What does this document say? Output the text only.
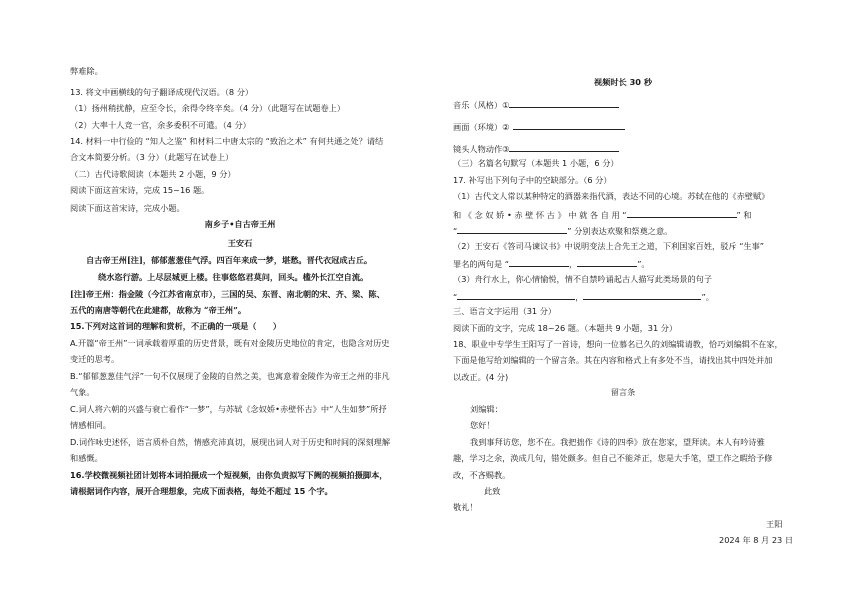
弊难除。
13. 将文中画横线的句子翻译成现代汉语。（8 分）
（1）扬州稍扰静，应至令长，余得令终辛矣。（4 分）（此题写在试题卷上）
（2）大率十人竞一官，余多委积不可遣。（4 分）
14. 材料一中行俭的 “知人之鉴” 和材料二中唐太宗的 “致治之术” 有何共通之处？请结
合文本简要分析。（3 分）（此题写在试卷上）
（二）古代诗歌阅读（本题共 2 小题，9 分）
阅读下面这首宋诗，完成 15~16 题。
阅读下面这首宋诗，完成小题。
南乡子•自古帝王州
王安石
自古帝王州[注]，郁郁葱葱佳气浮。四百年来成一梦，堪愁。晋代衣冠成古丘。
绕水恣行游。上尽层城更上楼。往事悠悠君莫问，回头。槛外长江空自流。
[注]帝王州：指金陵（今江苏省南京市），三国的吴、东晋、南北朝的宋、齐、梁、陈、
五代的南唐等朝代在此建都，故称为 “帝王州”。
15.下列对这首词的理解和赏析，不正确的一项是（　　）
A.开篇“帝王州”一词承载着厚重的历史背景，既有对金陵历史地位的肯定，也隐含对历史
变迁的思考。
B.“郁郁葱葱佳气浮”一句不仅展现了金陵的自然之美，也寓意着金陵作为帝王之州的非凡
气象。
C.词人将六朝的兴盛与衰亡看作“一梦”，与苏轼《念奴娇•赤壁怀古》中“人生如梦”所抒
情感相同。
D.词作咏史述怀，语言质朴自然，情感充沛真切，展现出词人对于历史和时间的深刻理解
和感慨。
16.学校微视频社团计划将本词拍摄成一个短视频，由你负责拟写下阙的视频拍摄脚本，
请根据词作内容，展开合理想象，完成下面表格，每处不超过 15 个字。
视频时长 30 秒
音乐（风格）①
画面（环境）②
镜头人物动作③
（三）名篇名句默写（本题共 1 小题，6 分）
17. 补写出下列句子中的空缺部分。（6 分）
（1）古代文人常以某种特定的酒器来指代酒，表达不同的心境。苏轼在他的《赤壁赋》
和 《 念 奴 娇 • 赤 壁 怀 古 》 中 就 各 自 用 “	” 和
“	” 分别表达欢聚和祭奠之意。
（2）王安石《答司马谏议书》中说明变法上合先王之道，下利国家百姓，驳斥 “生事”
罪名的两句是 “	，	”。
（3）舟行水上，你心情愉悦，情不自禁吟诵起古人描写此类场景的句子
“	，	”。
三、语言文字运用（31 分）
阅读下面的文字，完成 18~26 题。（本题共 9 小题，31 分）
18、职业中专学生王阳写了一首诗，想向一位慕名已久的刘编辑请教，恰巧刘编辑不在家，
下面是他写给刘编辑的一个留言条。其在内容和格式上有多处不当，请找出其中四处并加
以改正。(4 分)
留言条
刘编辑：
您好！
我到事拜访您，您不在。我把拙作《诗的四季》放在您家，望拜读。本人有吟诗雅
趣，学习之余，涣成几句，错处颇多。但自己不能斧正，您是大手笔，望工作之暇给予修
改，不吝赐教。
此致
敬礼！
王阳
2024 年 8 月 23 日
